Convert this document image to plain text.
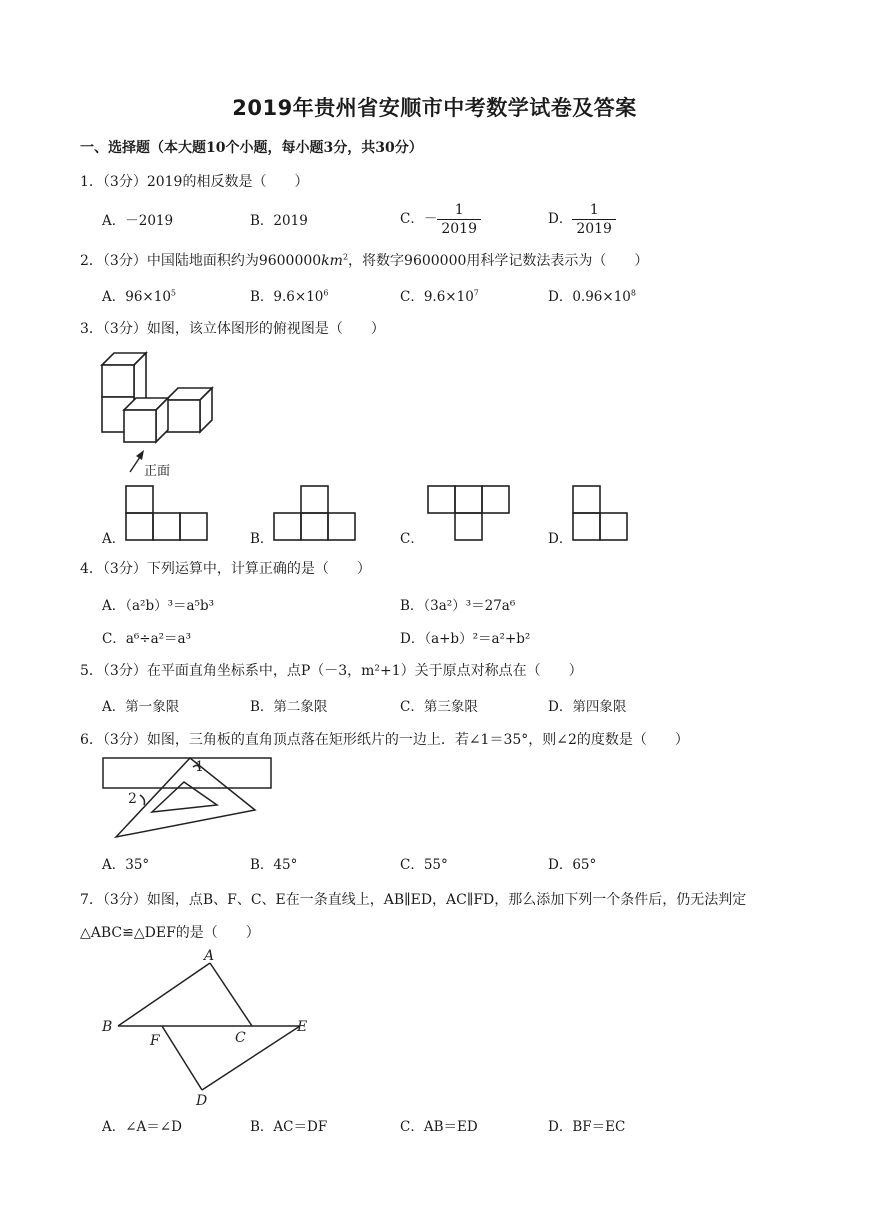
2019年贵州省安顺市中考数学试卷及答案
一、选择题（本大题10个小题，每小题3分，共30分）
1．（3分）2019的相反数是（　　）
A．－2019	B．2019	C．－ $\frac{1}{2019}$	D． $\frac{1}{2019}$
2．（3分）中国陆地面积约为$9600000km^2$，将数字9600000用科学记数法表示为（　　）
A．$96\times 10^5$	B．$9.6\times 10^6$	C．$9.6\times 10^7$	D．$0.96\times 10^8$
3．（3分）如图，该立体图形的俯视图是（　　）
正面
A．	B．	C．	D．
4．（3分）下列运算中，计算正确的是（　　）
A．（a²b）³＝a⁵b³	B．（3a²）³＝27a⁶
C．a⁶÷a²＝a³	D．（a+b）²＝a²+b²
5．（3分）在平面直角坐标系中，点P（－3，m²+1）关于原点对称点在（　　）
A．第一象限	B．第二象限	C．第三象限	D．第四象限
6．（3分）如图，三角板的直角顶点落在矩形纸片的一边上．若∠1＝35°，则∠2的度数是（　　）
1
2
A．35°	B．45°	C．55°	D．65°
7．（3分）如图，点B、F、C、E在一条直线上，AB∥ED，AC∥FD，那么添加下列一个条件后，仍无法判定
△ABC≌△DEF的是（　　）
A
B
F	C
E
D
A．∠A＝∠D	B．AC＝DF	C．AB＝ED	D．BF＝EC
